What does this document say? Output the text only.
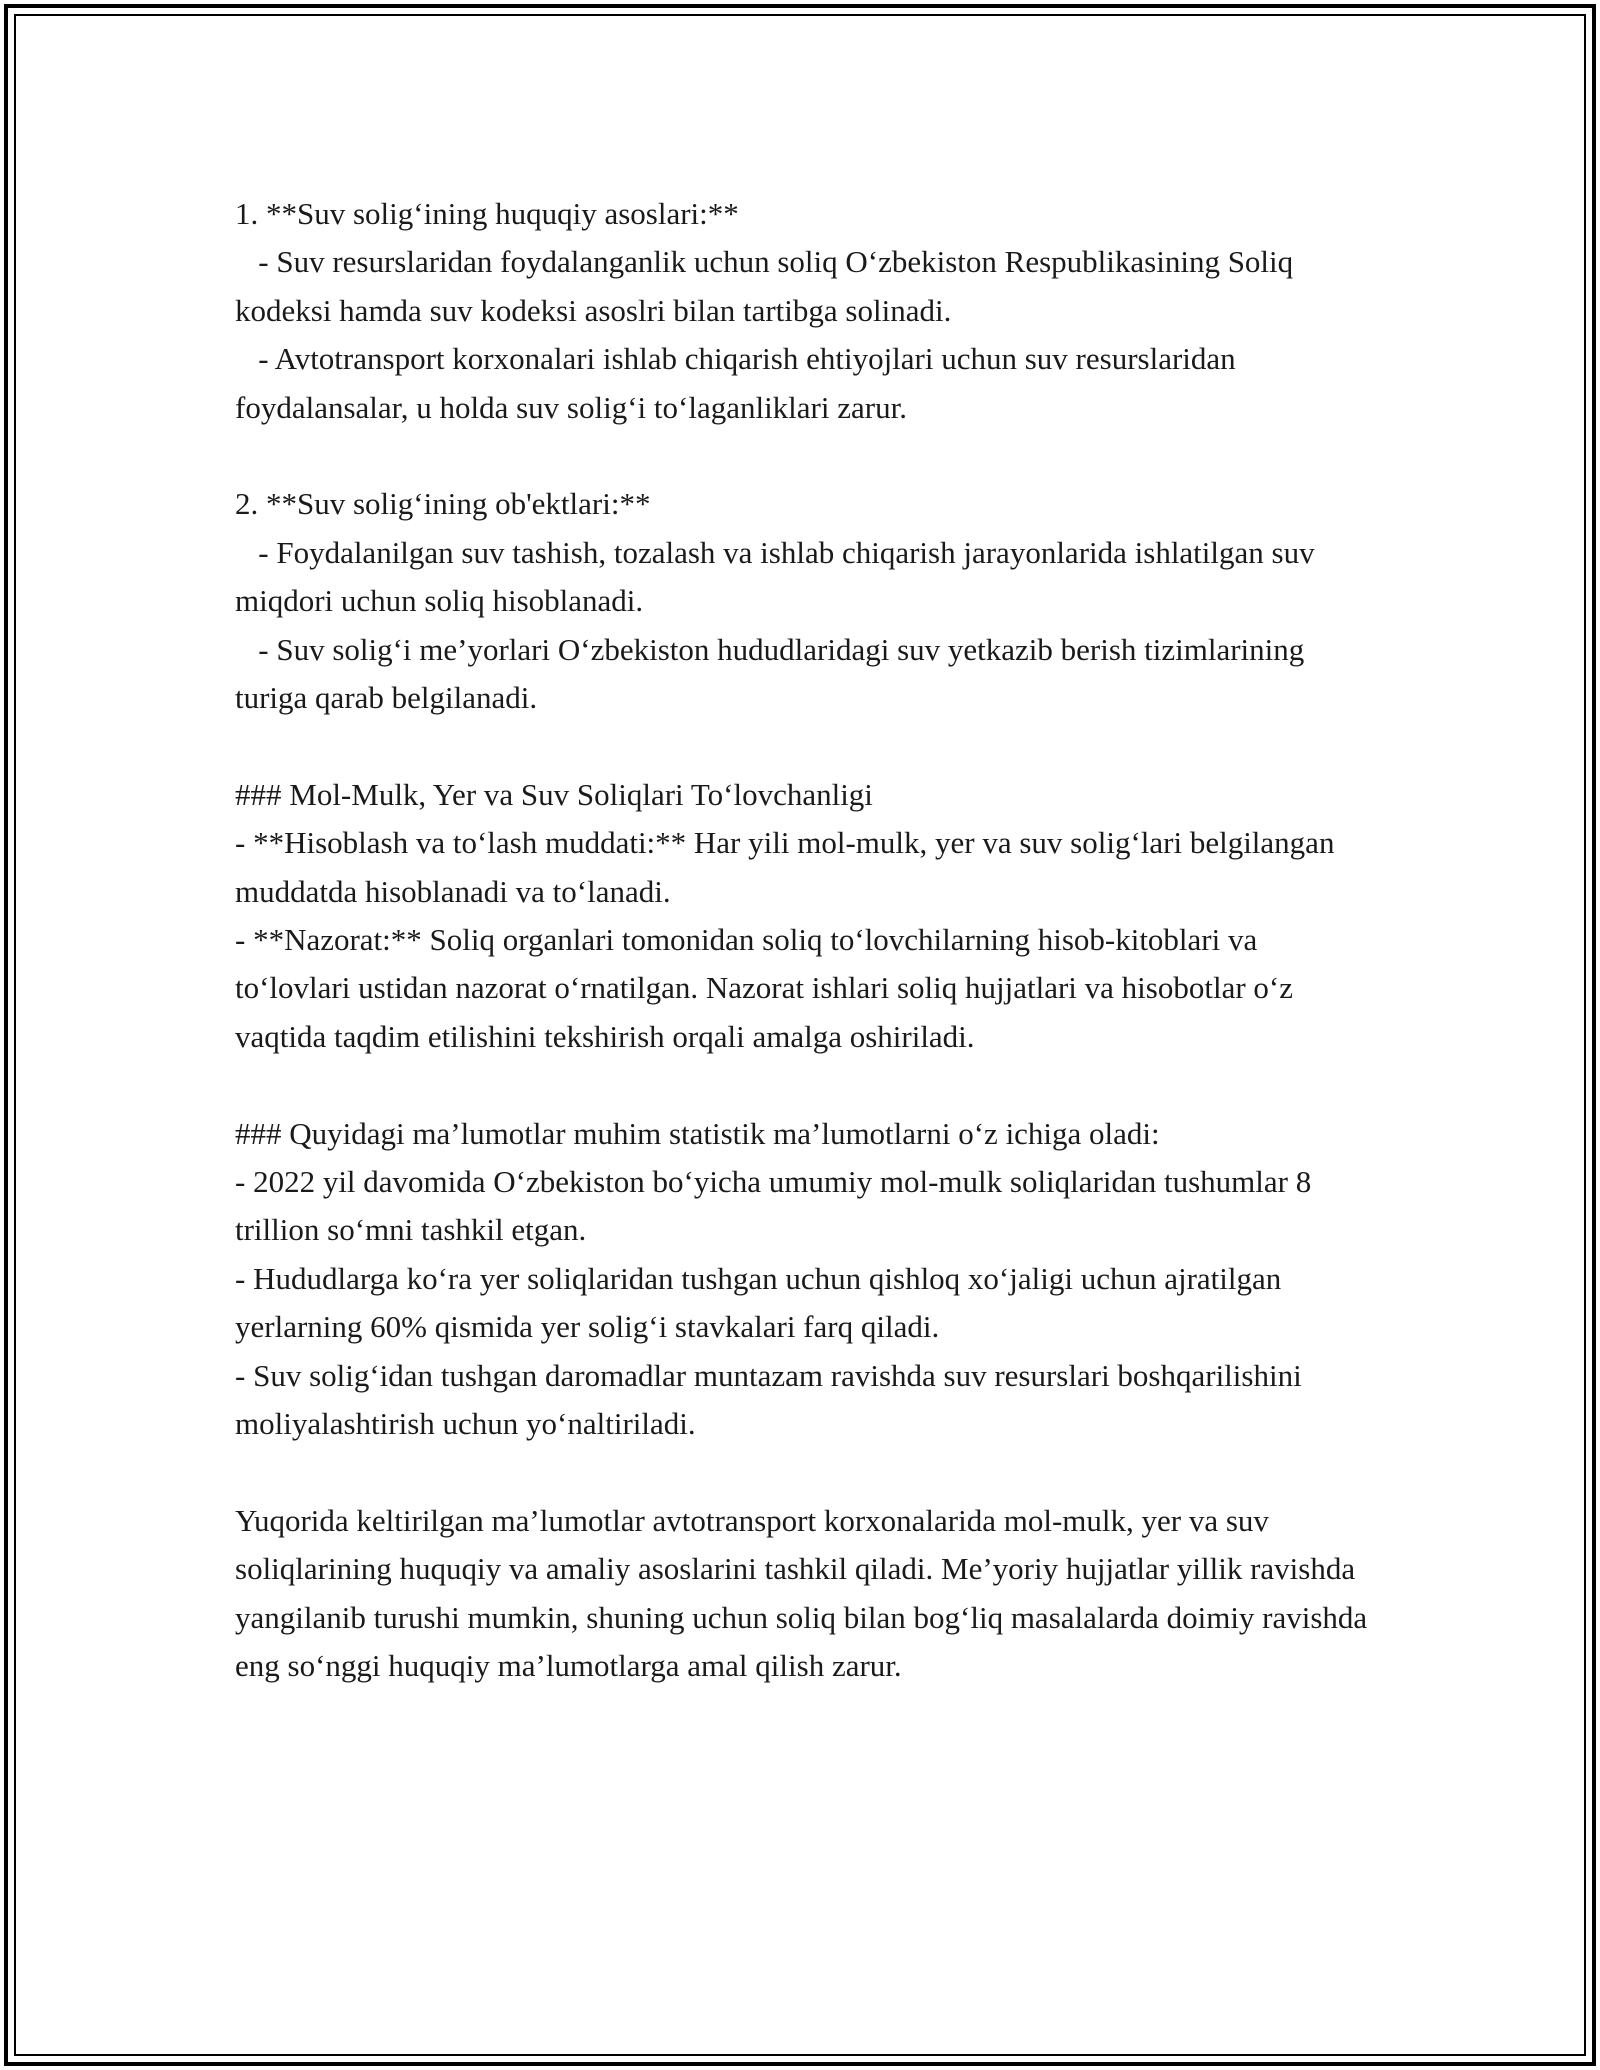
1. **Suv solig‘ining huquqiy asoslari:**

- Suv resurslaridan foydalanganlik uchun soliq O‘zbekiston Respublikasining Soliq kodeksi hamda suv kodeksi asoslri bilan tartibga solinadi.

- Avtotransport korxonalari ishlab chiqarish ehtiyojlari uchun suv resurslaridan foydalansalar, u holda suv solig‘i to‘laganliklari zarur.

2. **Suv solig‘ining ob'ektlari:**

- Foydalanilgan suv tashish, tozalash va ishlab chiqarish jarayonlarida ishlatilgan suv miqdori uchun soliq hisoblanadi.

- Suv solig‘i me’yorlari O‘zbekiston hududlaridagi suv yetkazib berish tizimlarining turiga qarab belgilanadi.

### Mol-Mulk, Yer va Suv Soliqlari To‘lovchanligi

- **Hisoblash va to‘lash muddati:** Har yili mol-mulk, yer va suv solig‘lari belgilangan muddatda hisoblanadi va to‘lanadi.

- **Nazorat:** Soliq organlari tomonidan soliq to‘lovchilarning hisob-kitoblari va to‘lovlari ustidan nazorat o‘rnatilgan. Nazorat ishlari soliq hujjatlari va hisobotlar o‘z vaqtida taqdim etilishini tekshirish orqali amalga oshiriladi.

### Quyidagi ma’lumotlar muhim statistik ma’lumotlarni o‘z ichiga oladi:

- 2022 yil davomida O‘zbekiston bo‘yicha umumiy mol-mulk soliqlaridan tushumlar 8 trillion so‘mni tashkil etgan.

- Hududlarga ko‘ra yer soliqlaridan tushgan uchun qishloq xo‘jaligi uchun ajratilgan yerlarning 60% qismida yer solig‘i stavkalari farq qiladi.

- Suv solig‘idan tushgan daromadlar muntazam ravishda suv resurslari boshqarilishini moliyalashtirish uchun yo‘naltiriladi.

Yuqorida keltirilgan ma’lumotlar avtotransport korxonalarida mol-mulk, yer va suv soliqlarining huquqiy va amaliy asoslarini tashkil qiladi. Me’yoriy hujjatlar yillik ravishda yangilanib turushi mumkin, shuning uchun soliq bilan bog‘liq masalalarda doimiy ravishda eng so‘nggi huquqiy ma’lumotlarga amal qilish zarur.
